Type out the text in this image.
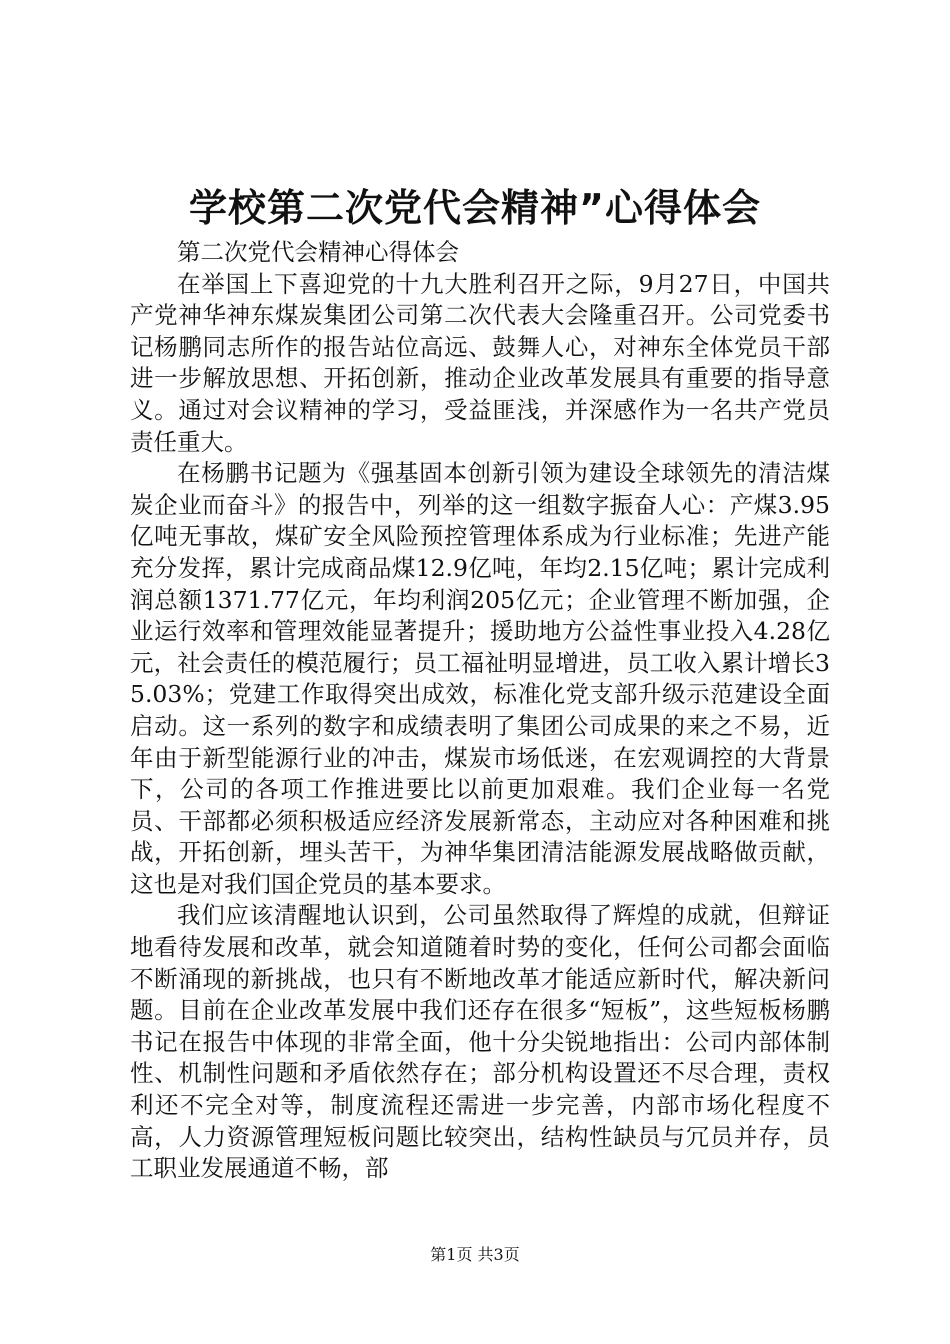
学校第二次党代会精神”心得体会

第二次党代会精神心得体会

在举国上下喜迎党的十九大胜利召开之际，9月27日，中国共产党神华神东煤炭集团公司第二次代表大会隆重召开。公司党委书记杨鹏同志所作的报告站位高远、鼓舞人心，对神东全体党员干部进一步解放思想、开拓创新，推动企业改革发展具有重要的指导意义。通过对会议精神的学习，受益匪浅，并深感作为一名共产党员责任重大。

在杨鹏书记题为《强基固本创新引领为建设全球领先的清洁煤炭企业而奋斗》的报告中，列举的这一组数字振奋人心：产煤3.95亿吨无事故，煤矿安全风险预控管理体系成为行业标准；先进产能充分发挥，累计完成商品煤12.9亿吨，年均2.15亿吨；累计完成利润总额1371.77亿元，年均利润205亿元；企业管理不断加强，企业运行效率和管理效能显著提升；援助地方公益性事业投入4.28亿元，社会责任的模范履行；员工福祉明显增进，员工收入累计增长35.03%；党建工作取得突出成效，标准化党支部升级示范建设全面启动。这一系列的数字和成绩表明了集团公司成果的来之不易，近年由于新型能源行业的冲击，煤炭市场低迷，在宏观调控的大背景下，公司的各项工作推进要比以前更加艰难。我们企业每一名党员、干部都必须积极适应经济发展新常态，主动应对各种困难和挑战，开拓创新，埋头苦干，为神华集团清洁能源发展战略做贡献，这也是对我们国企党员的基本要求。

我们应该清醒地认识到，公司虽然取得了辉煌的成就，但辩证地看待发展和改革，就会知道随着时势的变化，任何公司都会面临不断涌现的新挑战，也只有不断地改革才能适应新时代，解决新问题。目前在企业改革发展中我们还存在很多“短板”，这些短板杨鹏书记在报告中体现的非常全面，他十分尖锐地指出：公司内部体制性、机制性问题和矛盾依然存在；部分机构设置还不尽合理，责权利还不完全对等，制度流程还需进一步完善，内部市场化程度不高，人力资源管理短板问题比较突出，结构性缺员与冗员并存，员工职业发展通道不畅，部

第1页 共3页
